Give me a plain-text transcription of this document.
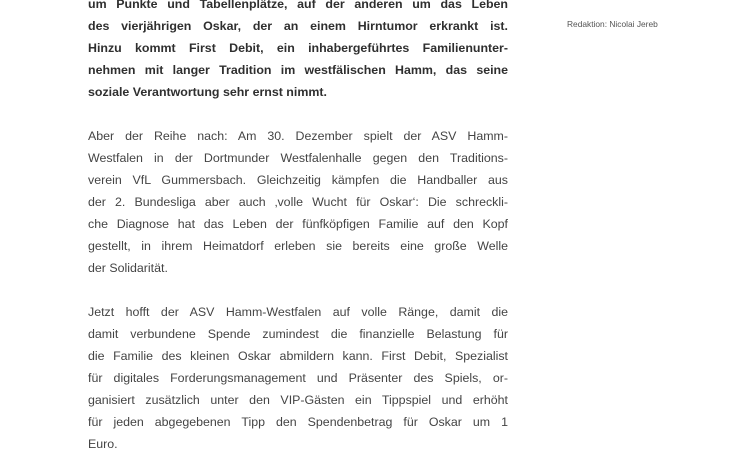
um Punkte und Tabellenplätze, auf der anderen um das Leben
des vierjährigen Oskar, der an einem Hirntumor erkrankt ist.
Hinzu kommt First Debit, ein inhabergeführtes Familienunter-
nehmen mit langer Tradition im westfälischen Hamm, das seine
soziale Verantwortung sehr ernst nimmt.

Aber der Reihe nach: Am 30. Dezember spielt der ASV Hamm-
Westfalen in der Dortmunder Westfalenhalle gegen den Traditions-
verein VfL Gummersbach. Gleichzeitig kämpfen die Handballer aus
der 2. Bundesliga aber auch ‚volle Wucht für Oskar‘: Die schreckli-
che Diagnose hat das Leben der fünfköpfigen Familie auf den Kopf
gestellt, in ihrem Heimatdorf erleben sie bereits eine große Welle
der Solidarität.

Jetzt hofft der ASV Hamm-Westfalen auf volle Ränge, damit die
damit verbundene Spende zumindest die finanzielle Belastung für
die Familie des kleinen Oskar abmildern kann. First Debit, Spezialist
für digitales Forderungsmanagement und Präsenter des Spiels, or-
ganisiert zusätzlich unter den VIP-Gästen ein Tippspiel und erhöht
für jeden abgegebenen Tipp den Spendenbetrag für Oskar um 1
Euro.

Redaktion: Nicolai Jereb
